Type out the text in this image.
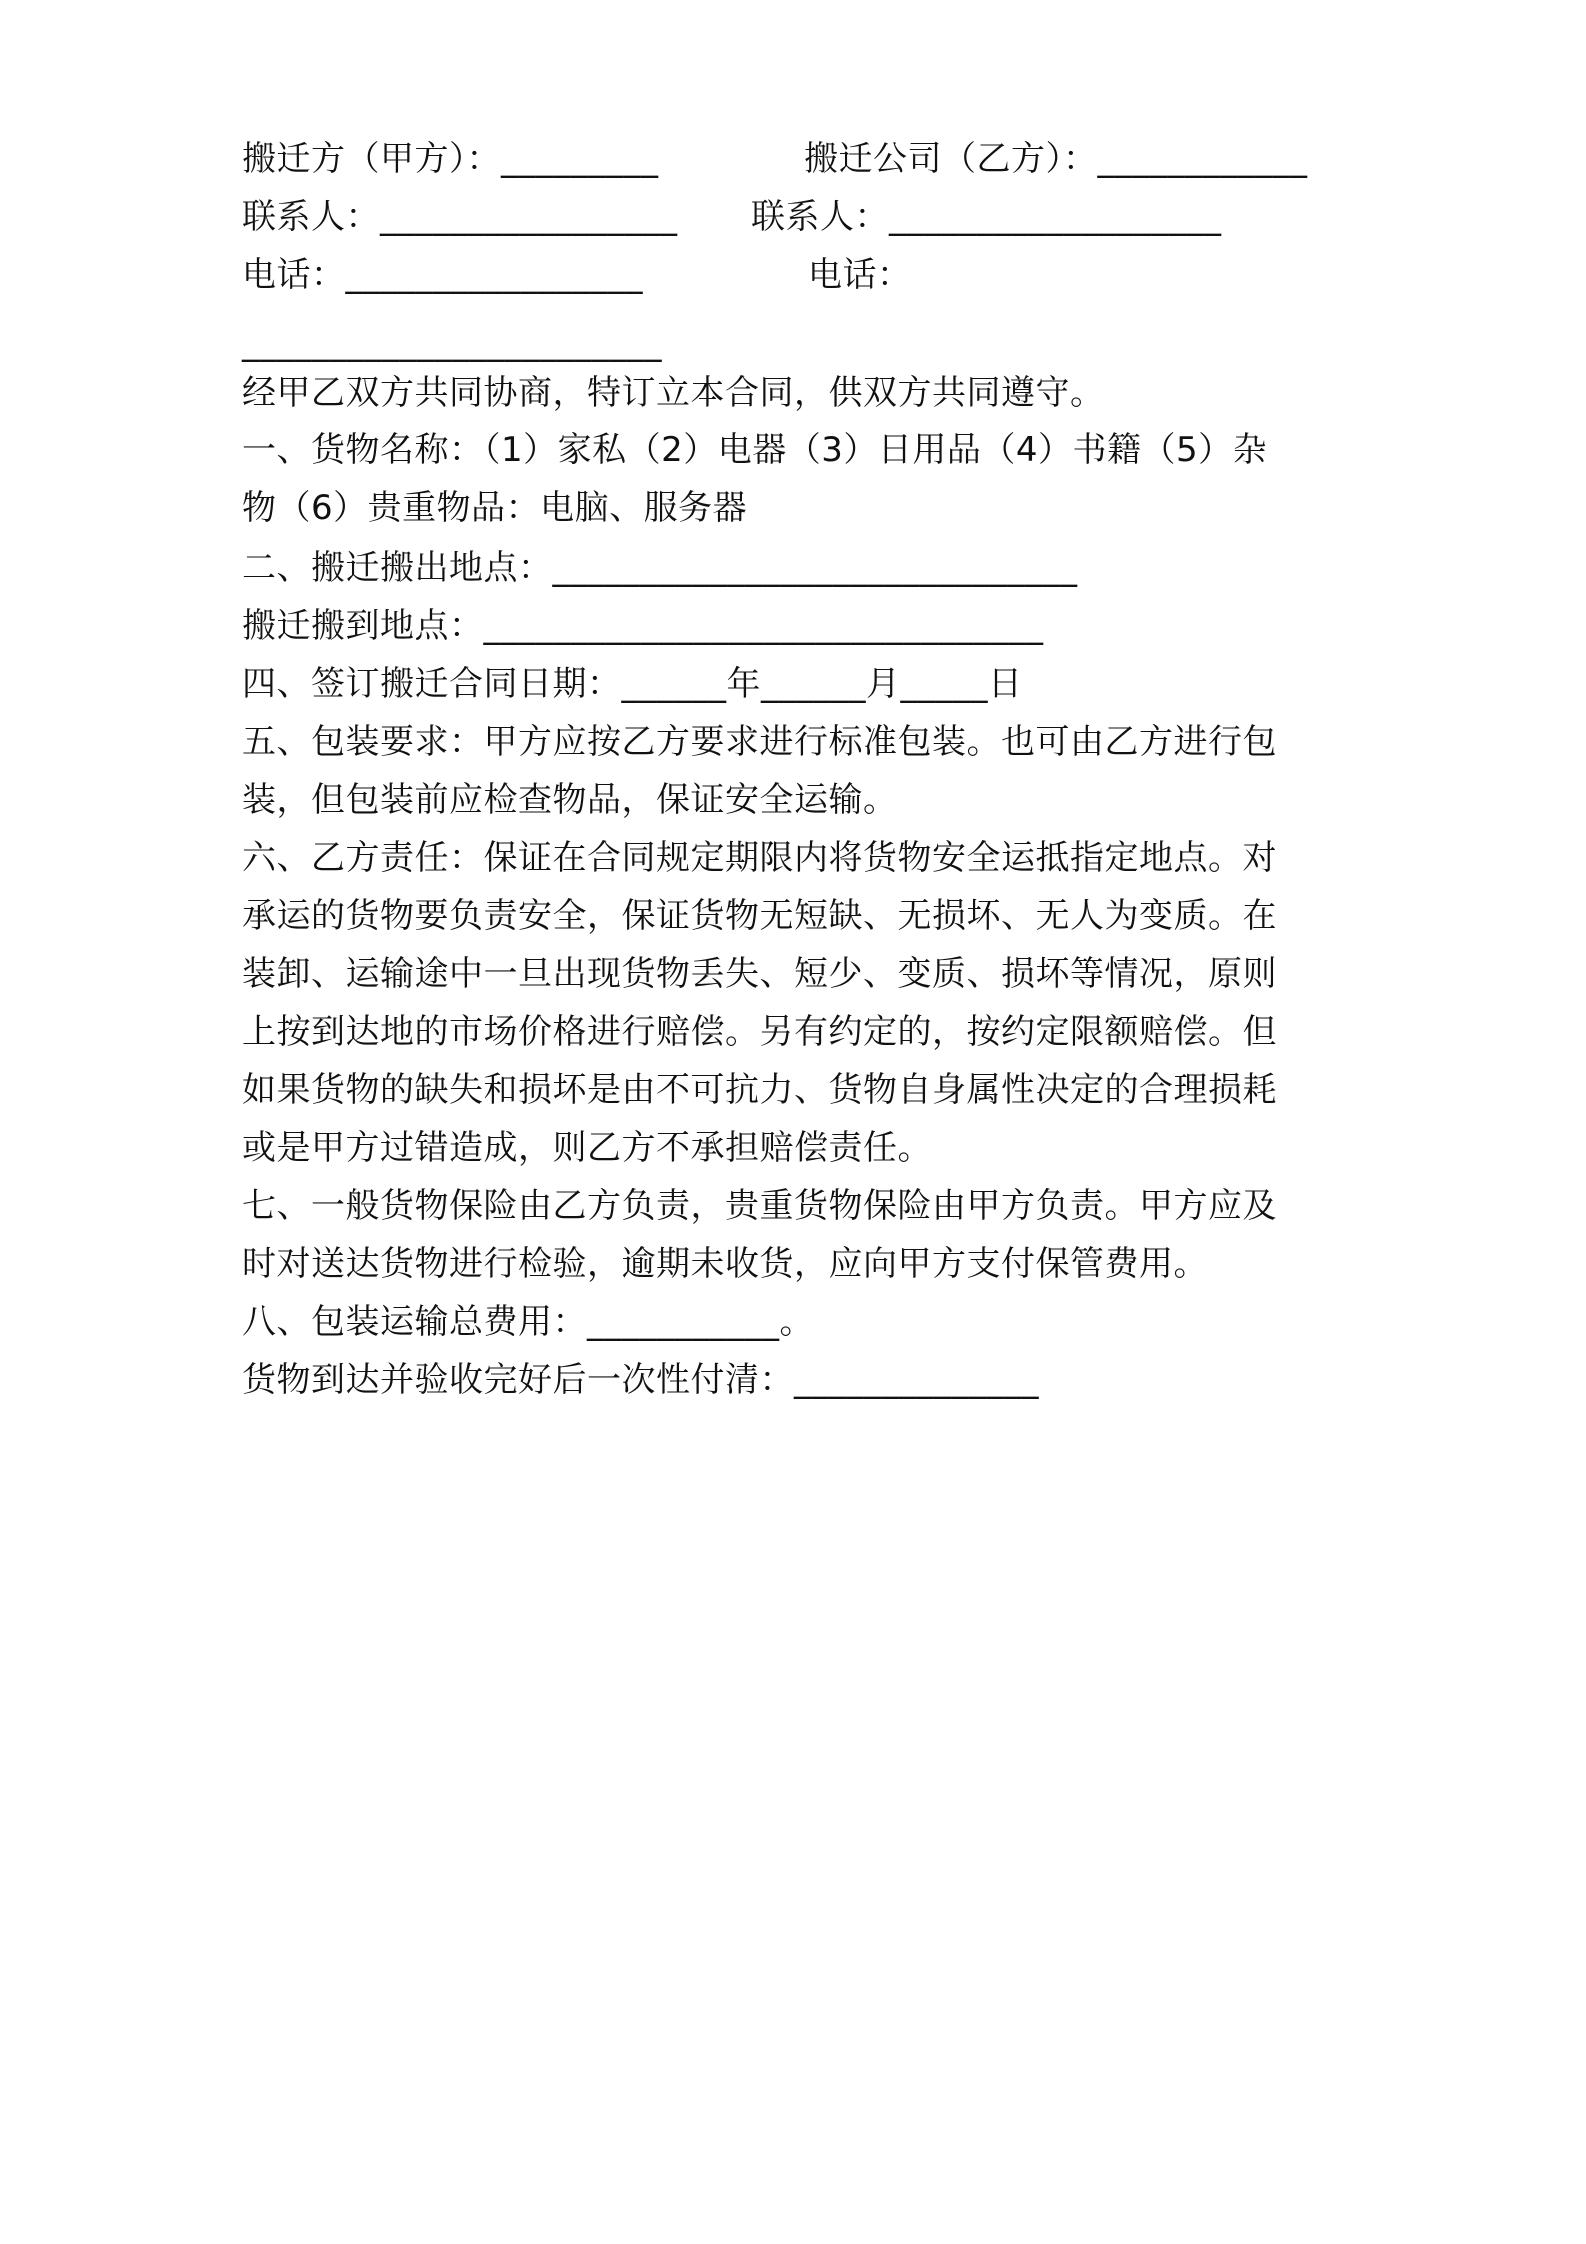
搬迁方（甲方）：_________	搬迁公司（乙方）：____________
联系人：_________________ 联系人：___________________
电话：_________________	电话：
________________________
经甲乙双方共同协商，特订立本合同，供双方共同遵守。
一、货物名称：（1）家私（2）电器（3）日用品（4）书籍（5）杂
物（6）贵重物品：电脑、服务器
二、搬迁搬出地点：______________________________
搬迁搬到地点：________________________________
四、签订搬迁合同日期：______年______月_____日
五、包装要求：甲方应按乙方要求进行标准包装。也可由乙方进行包
装，但包装前应检查物品，保证安全运输。
六、乙方责任：保证在合同规定期限内将货物安全运抵指定地点。对
承运的货物要负责安全，保证货物无短缺、无损坏、无人为变质。在
装卸、运输途中一旦出现货物丢失、短少、变质、损坏等情况，原则
上按到达地的市场价格进行赔偿。另有约定的，按约定限额赔偿。但
如果货物的缺失和损坏是由不可抗力、货物自身属性决定的合理损耗
或是甲方过错造成，则乙方不承担赔偿责任。
七、一般货物保险由乙方负责，贵重货物保险由甲方负责。甲方应及
时对送达货物进行检验，逾期未收货，应向甲方支付保管费用。
八、包装运输总费用：___________。
货物到达并验收完好后一次性付清：______________
